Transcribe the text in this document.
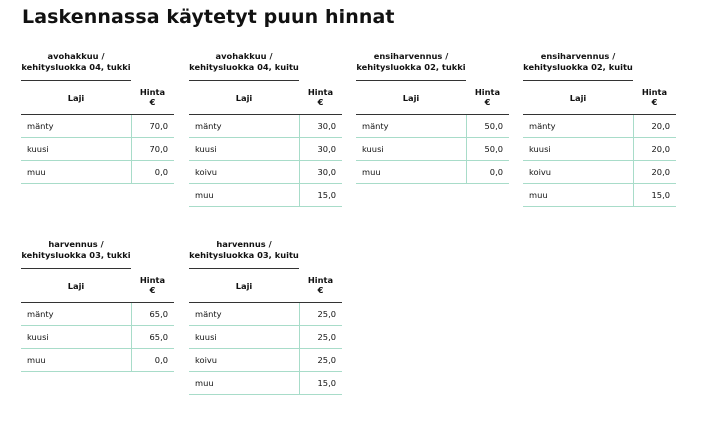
Laskennassa käytetyt puun hinnat
avohakkuu / kehitysluokka 04, tukki
Laji	Hinta
€
mänty	70,0
kuusi	70,0
muu	0,0
avohakkuu / kehitysluokka 04, kuitu
Laji	Hinta
€
mänty	30,0
kuusi	30,0
koivu	30,0
muu	15,0
ensiharvennus / kehitysluokka 02, tukki
Laji	Hinta
€
mänty	50,0
kuusi	50,0
muu	0,0
ensiharvennus / kehitysluokka 02, kuitu
Laji	Hinta
€
mänty	20,0
kuusi	20,0
koivu	20,0
muu	15,0
harvennus / kehitysluokka 03, tukki
Laji	Hinta
€
mänty	65,0
kuusi	65,0
muu	0,0
harvennus / kehitysluokka 03, kuitu
Laji	Hinta
€
mänty	25,0
kuusi	25,0
koivu	25,0
muu	15,0
